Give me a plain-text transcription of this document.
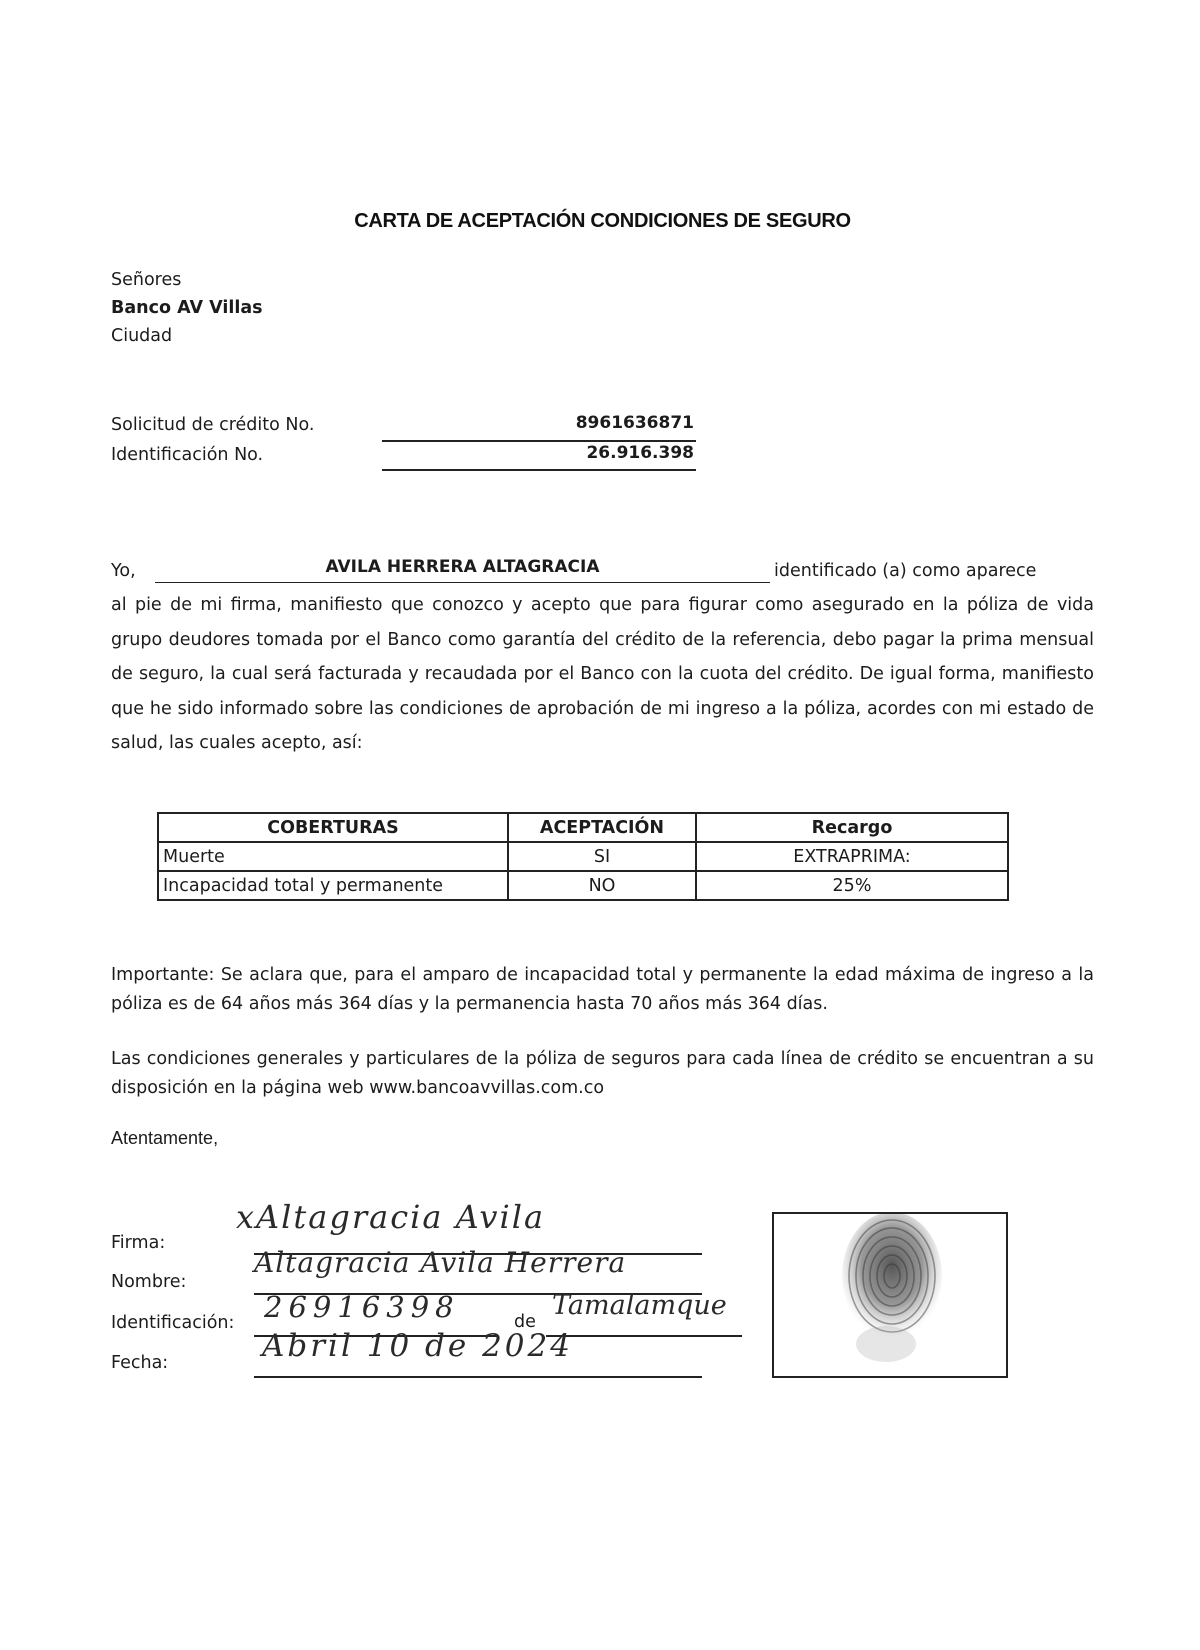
CARTA DE ACEPTACIÓN CONDICIONES DE SEGURO
Señores
Banco AV Villas
Ciudad
Solicitud de crédito No.	8961636871
Identificación No.	26.916.398
Yo,	AVILA HERRERA ALTAGRACIA	identificado (a) como aparece
al pie de mi firma, manifiesto que conozco y acepto que para figurar como asegurado en la póliza de vida grupo deudores tomada por el Banco como garantía del crédito de la referencia, debo pagar la prima mensual de seguro, la cual será facturada y recaudada por el Banco con la cuota del crédito. De igual forma, manifiesto que he sido informado sobre las condiciones de aprobación de mi ingreso a la póliza, acordes con mi estado de salud, las cuales acepto, así:
COBERTURAS	ACEPTACIÓN	Recargo
Muerte	SI	EXTRAPRIMA:
Incapacidad total y permanente	NO	25%
Importante: Se aclara que, para el amparo de incapacidad total y permanente la edad máxima de ingreso a la póliza es de 64 años más 364 días y la permanencia hasta 70 años más 364 días.
Las condiciones generales y particulares de la póliza de seguros para cada línea de crédito se encuentran a su disposición en la página web www.bancoavvillas.com.co
Atentamente,
Firma:
xAltagracia Avila
Nombre:
Altagracia Avila Herrera
Identificación: 26916398	de
Tamalamque
Fecha:	Abril 10 de 2024
